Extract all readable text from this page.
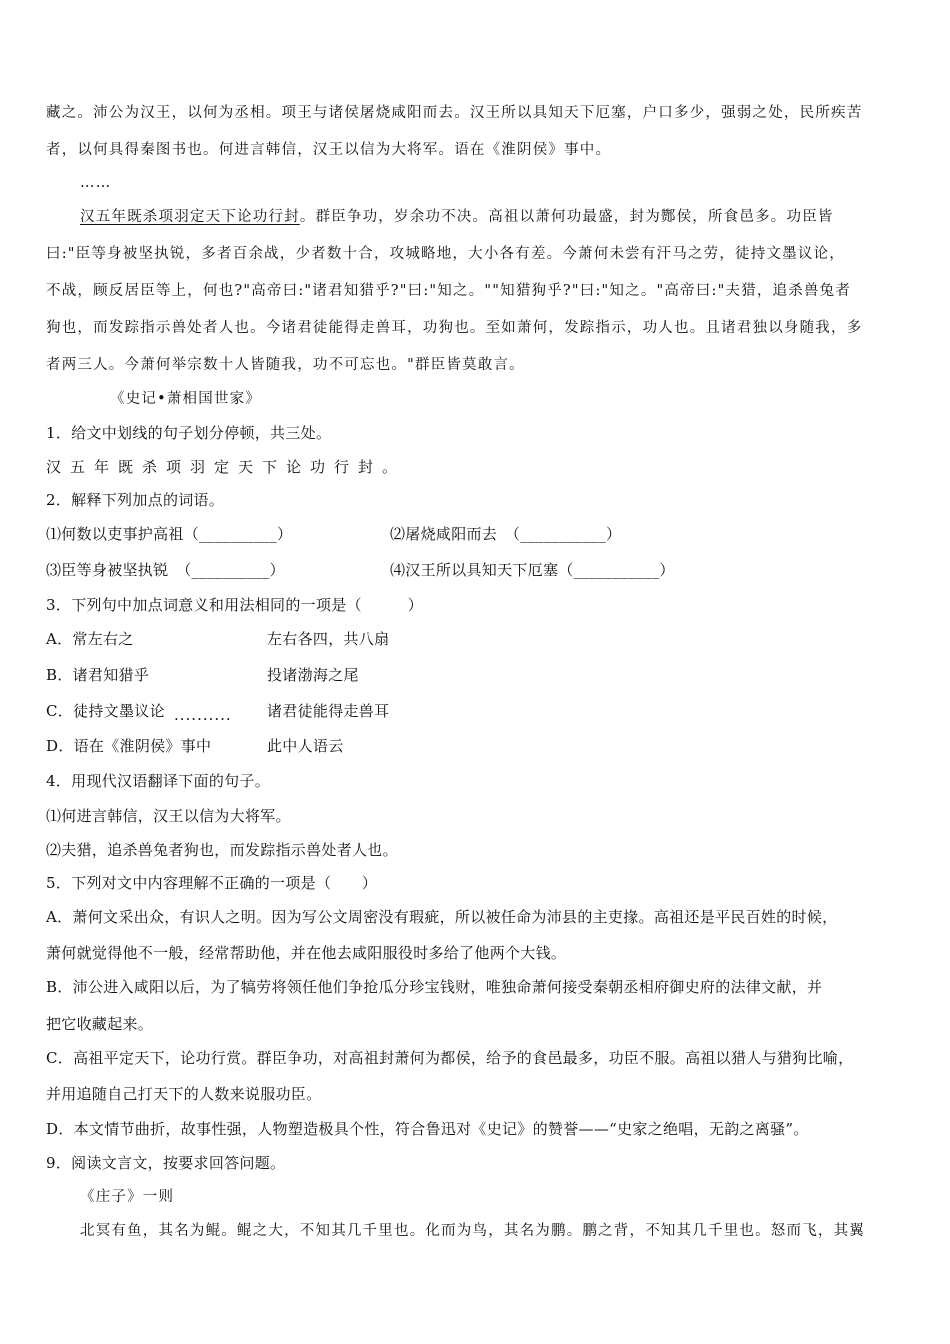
藏之。沛公为汉王，以何为丞相。项王与诸侯屠烧咸阳而去。汉王所以具知天下厄塞，户口多少，强弱之处，民所疾苦
者，以何具得秦图书也。何进言韩信，汉王以信为大将军。语在《淮阴侯》事中。
……
汉五年既杀项羽定天下论功行封。群臣争功，岁余功不决。高祖以萧何功最盛，封为酂侯，所食邑多。功臣皆
曰:"臣等身被坚执锐，多者百余战，少者数十合，攻城略地，大小各有差。今萧何未尝有汗马之劳，徒持文墨议论，
不战，顾反居臣等上，何也?"高帝曰:"诸君知猎乎?"曰:"知之。""知猎狗乎?"曰:"知之。"高帝曰:"夫猎，追杀兽兔者
狗也，而发踪指示兽处者人也。今诸君徒能得走兽耳，功狗也。至如萧何，发踪指示，功人也。且诸君独以身随我，多
者两三人。今萧何举宗数十人皆随我，功不可忘也。"群臣皆莫敢言。
《史记•萧相国世家》
1．给文中划线的句子划分停顿，共三处。
汉五年既杀项羽定天下论功行封。
2．解释下列加点的词语。
⑴何数以吏事护高祖（__________）	⑵屠烧咸阳而去　（___________）
⑶臣等身被坚执锐　（__________）	⑷汉王所以具知天下厄塞（___________）
3．下列句中加点词意义和用法相同的一项是（　　　）
A．常左右之	左右各四，共八扇
B．诸君知猎乎	投诸渤海之尾
C．徒持文墨议论 .......... 诸君徒能得走兽耳
D．语在《淮阴侯》事中	此中人语云
4．用现代汉语翻译下面的句子。
⑴何进言韩信，汉王以信为大将军。
⑵夫猎，追杀兽兔者狗也，而发踪指示兽处者人也。
5．下列对文中内容理解不正确的一项是（　　）
A．萧何文采出众，有识人之明。因为写公文周密没有瑕疵，所以被任命为沛县的主吏掾。高祖还是平民百姓的时候，
萧何就觉得他不一般，经常帮助他，并在他去咸阳服役时多给了他两个大钱。
B．沛公进入咸阳以后，为了犒劳将领任他们争抢瓜分珍宝钱财，唯独命萧何接受秦朝丞相府御史府的法律文献，并
把它收藏起来。
C．高祖平定天下，论功行赏。群臣争功，对高祖封萧何为都侯，给予的食邑最多，功臣不服。高祖以猎人与猎狗比喻，
并用追随自己打天下的人数来说服功臣。
D．本文情节曲折，故事性强，人物塑造极具个性，符合鲁迅对《史记》的赞誉——“史家之绝唱，无韵之离骚”。
9．阅读文言文，按要求回答问题。
《庄子》一则
北冥有鱼，其名为鲲。鲲之大，不知其几千里也。化而为鸟，其名为鹏。鹏之背，不知其几千里也。怒而飞，其翼
